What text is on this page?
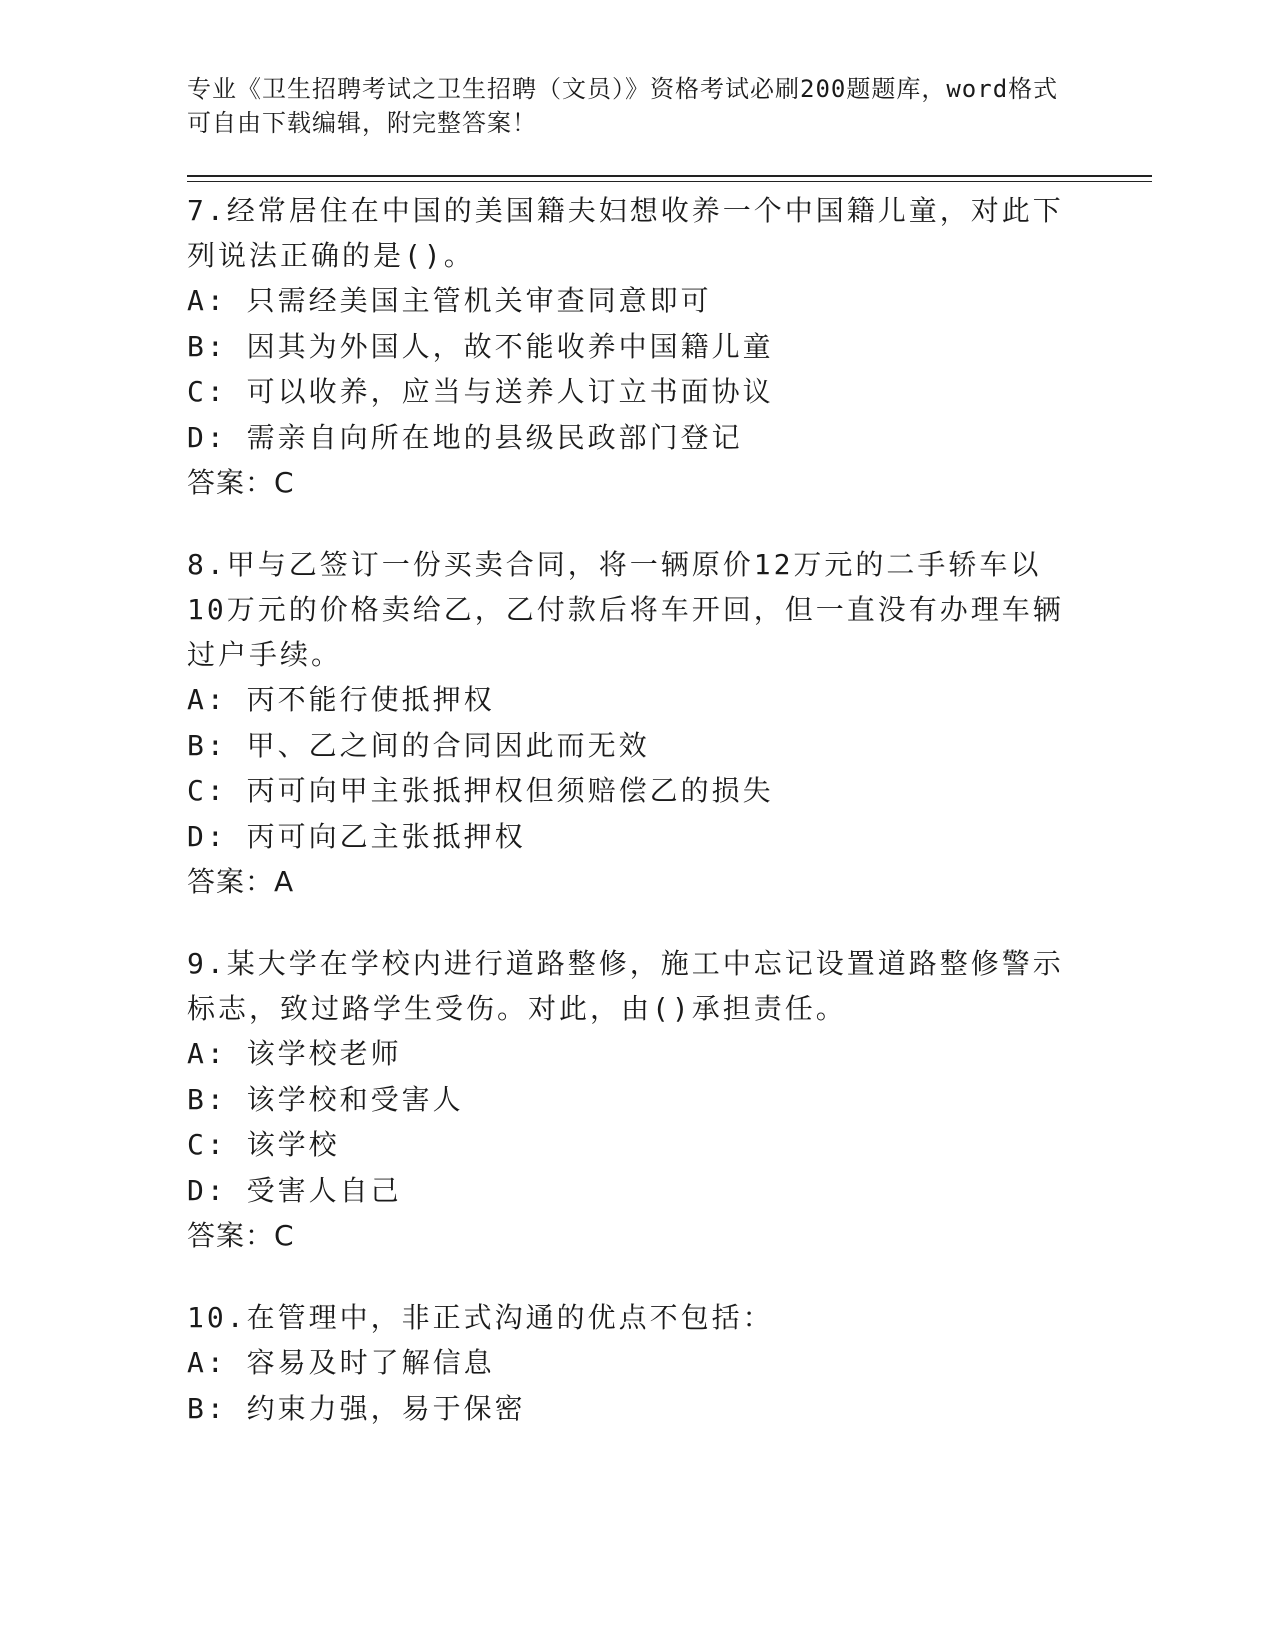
专业《卫生招聘考试之卫生招聘（文员）》资格考试必刷200题题库，word格式可自由下载编辑，附完整答案！

7.经常居住在中国的美国籍夫妇想收养一个中国籍儿童，对此下列说法正确的是()。

A: 只需经美国主管机关审查同意即可
B: 因其为外国人，故不能收养中国籍儿童
C: 可以收养，应当与送养人订立书面协议
D: 需亲自向所在地的县级民政部门登记
答案：C

8.甲与乙签订一份买卖合同，将一辆原价12万元的二手轿车以10万元的价格卖给乙，乙付款后将车开回，但一直没有办理车辆过户手续。

A: 丙不能行使抵押权
B: 甲、乙之间的合同因此而无效
C: 丙可向甲主张抵押权但须赔偿乙的损失
D: 丙可向乙主张抵押权
答案：A

9.某大学在学校内进行道路整修，施工中忘记设置道路整修警示标志，致过路学生受伤。对此，由()承担责任。

A: 该学校老师
B: 该学校和受害人
C: 该学校
D: 受害人自己
答案：C

10.在管理中，非正式沟通的优点不包括：

A: 容易及时了解信息
B: 约束力强，易于保密
